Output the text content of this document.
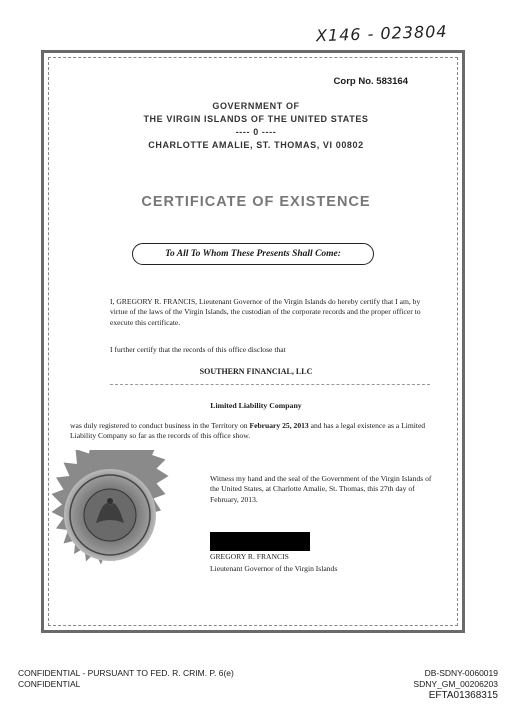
X146 - 023804
Corp No. 583164
GOVERNMENT OF
THE VIRGIN ISLANDS OF THE UNITED STATES
---- 0 ----
CHARLOTTE AMALIE, ST. THOMAS, VI 00802
CERTIFICATE OF EXISTENCE
To All To Whom These Presents Shall Come:
I, GREGORY R. FRANCIS, Lieutenant Governor of the Virgin Islands do hereby certify that I am, by virtue of the laws of the Virgin Islands, the custodian of the corporate records and the proper officer to execute this certificate.
I further certify that the records of this office disclose that
SOUTHERN FINANCIAL, LLC
Limited Liability Company
was duly registered to conduct business in the Territory on February 25, 2013 and has a legal existence as a Limited Liability Company so far as the records of this office show.
Witness my hand and the seal of the Government of the Virgin Islands of the United States, at Charlotte Amalie, St. Thomas, this 27th day of February, 2013.
GREGORY R. FRANCIS
Lieutenant Governor of the Virgin Islands
CONFIDENTIAL - PURSUANT TO FED. R. CRIM. P. 6(e)
CONFIDENTIAL
DB-SDNY-0060019
SDNY_GM_00206203
EFTA01368315
